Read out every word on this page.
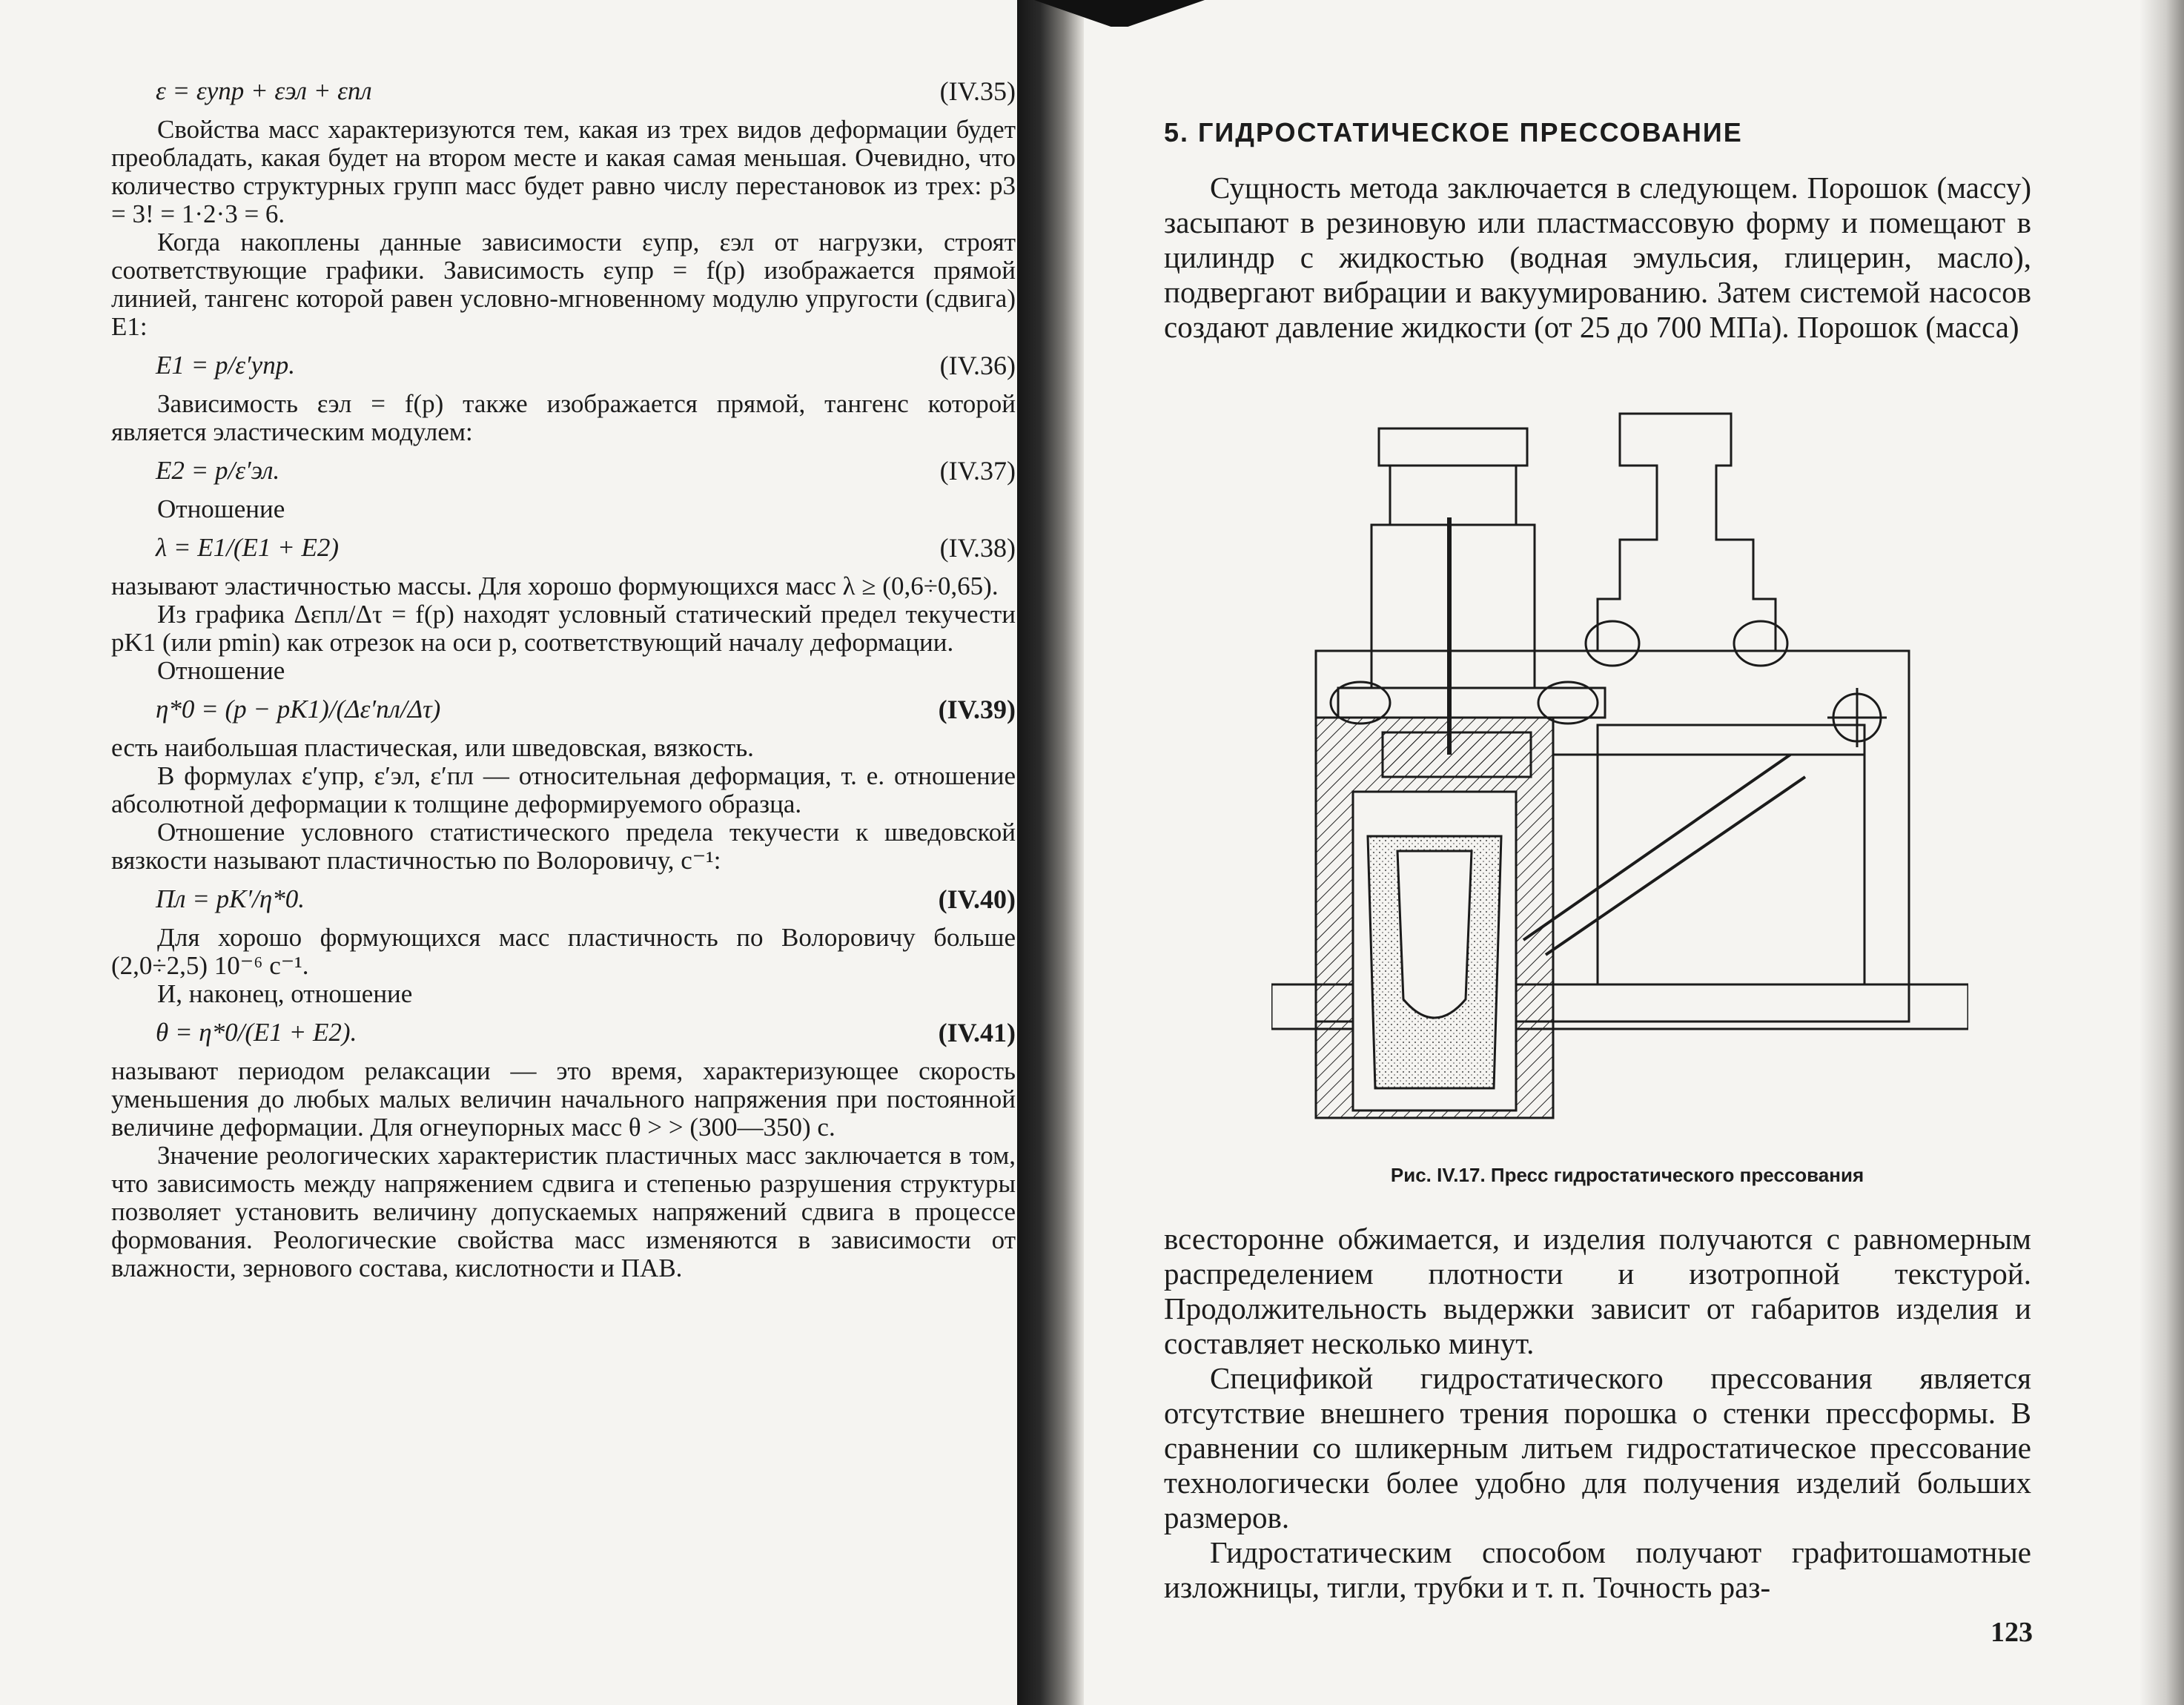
ε = εупр + εэл + εпл	(IV.35)

Свойства масс характеризуются тем, какая из трех видов деформации будет преобладать, какая будет на втором месте и какая самая меньшая. Очевидно, что количество структурных групп масс будет равно числу перестановок из трех: p3 = 3! = 1·2·3 = 6.

Когда накоплены данные зависимости εупр, εэл от нагрузки, строят соответствующие графики. Зависимость εупр = f(p) изображается прямой линией, тангенс которой равен условно-мгновенному модулю упругости (сдвига) E1:

E1 = p/ε′упр.	(IV.36)

Зависимость εэл = f(p) также изображается прямой, тангенс которой является эластическим модулем:

E2 = p/ε′эл.	(IV.37)

Отношение

λ = E1/(E1 + E2)	(IV.38)

называют эластичностью массы. Для хорошо формующихся масс λ ≥ (0,6÷0,65).

Из графика Δεпл/Δτ = f(p) находят условный статический предел текучести pK1 (или pmin) как отрезок на оси p, соответствующий началу деформации.

Отношение

η*0 = (p − pK1)/(Δε′пл/Δτ)	(IV.39)

есть наибольшая пластическая, или шведовская, вязкость.

В формулах ε′упр, ε′эл, ε′пл — относительная деформация, т. е. отношение абсолютной деформации к толщине деформируемого образца.

Отношение условного статистического предела текучести к шведовской вязкости называют пластичностью по Волоровичу, с⁻¹:

Пл = pK′/η*0.	(IV.40)

Для хорошо формующихся масс пластичность по Волоровичу больше (2,0÷2,5) 10⁻⁶ с⁻¹.

И, наконец, отношение

θ = η*0/(E1 + E2).	(IV.41)

называют периодом релаксации — это время, характеризующее скорость уменьшения до любых малых величин начального напряжения при постоянной величине деформации. Для огнеупорных масс θ > > (300—350) с.

Значение реологических характеристик пластичных масс заключается в том, что зависимость между напряжением сдвига и степенью разрушения структуры позволяет установить величину допускаемых напряжений сдвига в процессе формования. Реологические свойства масс изменяются в зависимости от влажности, зернового состава, кислотности и ПАВ.

5. ГИДРОСТАТИЧЕСКОЕ ПРЕССОВАНИЕ

Сущность метода заключается в следующем. Порошок (массу) засыпают в резиновую или пластмассовую форму и помещают в цилиндр с жидкостью (водная эмульсия, глицерин, масло), подвергают вибрации и вакуумированию. Затем системой насосов создают давление жидкости (от 25 до 700 МПа). Порошок (масса)

Рис. IV.17. Пресс гидростатического прессования

всесторонне обжимается, и изделия получаются с равномерным распределением плотности и изотропной текстурой. Продолжительность выдержки зависит от габаритов изделия и составляет несколько минут.

Спецификой гидростатического прессования является отсутствие внешнего трения порошка о стенки прессформы. В сравнении со шликерным литьем гидростатическое прессование технологически более удобно для получения изделий больших размеров.

Гидростатическим способом получают графитошамотные изложницы, тигли, трубки и т. п. Точность раз-

123
